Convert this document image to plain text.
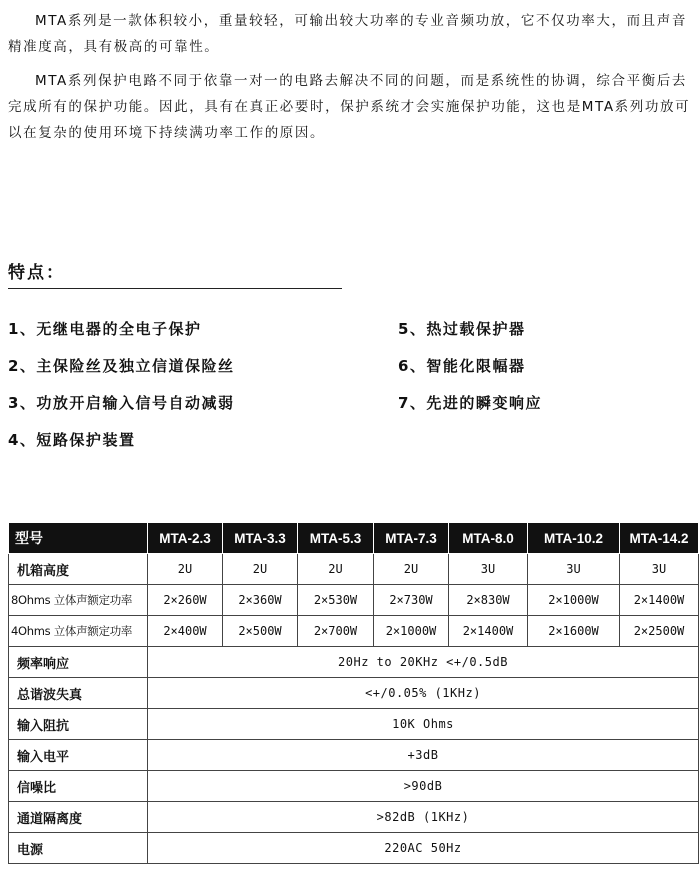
MTA系列是一款体积较小，重量较轻，可输出较大功率的专业音频功放，它不仅功率大，而且声音精准度高，具有极高的可靠性。

MTA系列保护电路不同于依靠一对一的电路去解决不同的问题，而是系统性的协调，综合平衡后去完成所有的保护功能。因此，具有在真正必要时，保护系统才会实施保护功能，这也是MTA系列功放可以在复杂的使用环境下持续满功率工作的原因。

特点：
1、无继电器的全电子保护
2、主保险丝及独立信道保险丝
3、功放开启输入信号自动减弱
4、短路保护装置
5、热过载保护器
6、智能化限幅器
7、先进的瞬变响应
型号	MTA-2.3	MTA-3.3	MTA-5.3	MTA-7.3	MTA-8.0	MTA-10.2	MTA-14.2
机箱高度	2U	2U	2U	2U	3U	3U	3U
8Ohms 立体声额定功率	2×260W	2×360W	2×530W	2×730W	2×830W	2×1000W	2×1400W
4Ohms 立体声额定功率	2×400W	2×500W	2×700W	2×1000W	2×1400W	2×1600W	2×2500W
频率响应	20Hz to 20KHz <+/0.5dB						
总谐波失真	<+/0.05% (1KHz)						
输入阻抗	10K Ohms						
输入电平	+3dB						
信噪比	>90dB						
通道隔离度	>82dB (1KHz)						
电源	220AC 50Hz						
